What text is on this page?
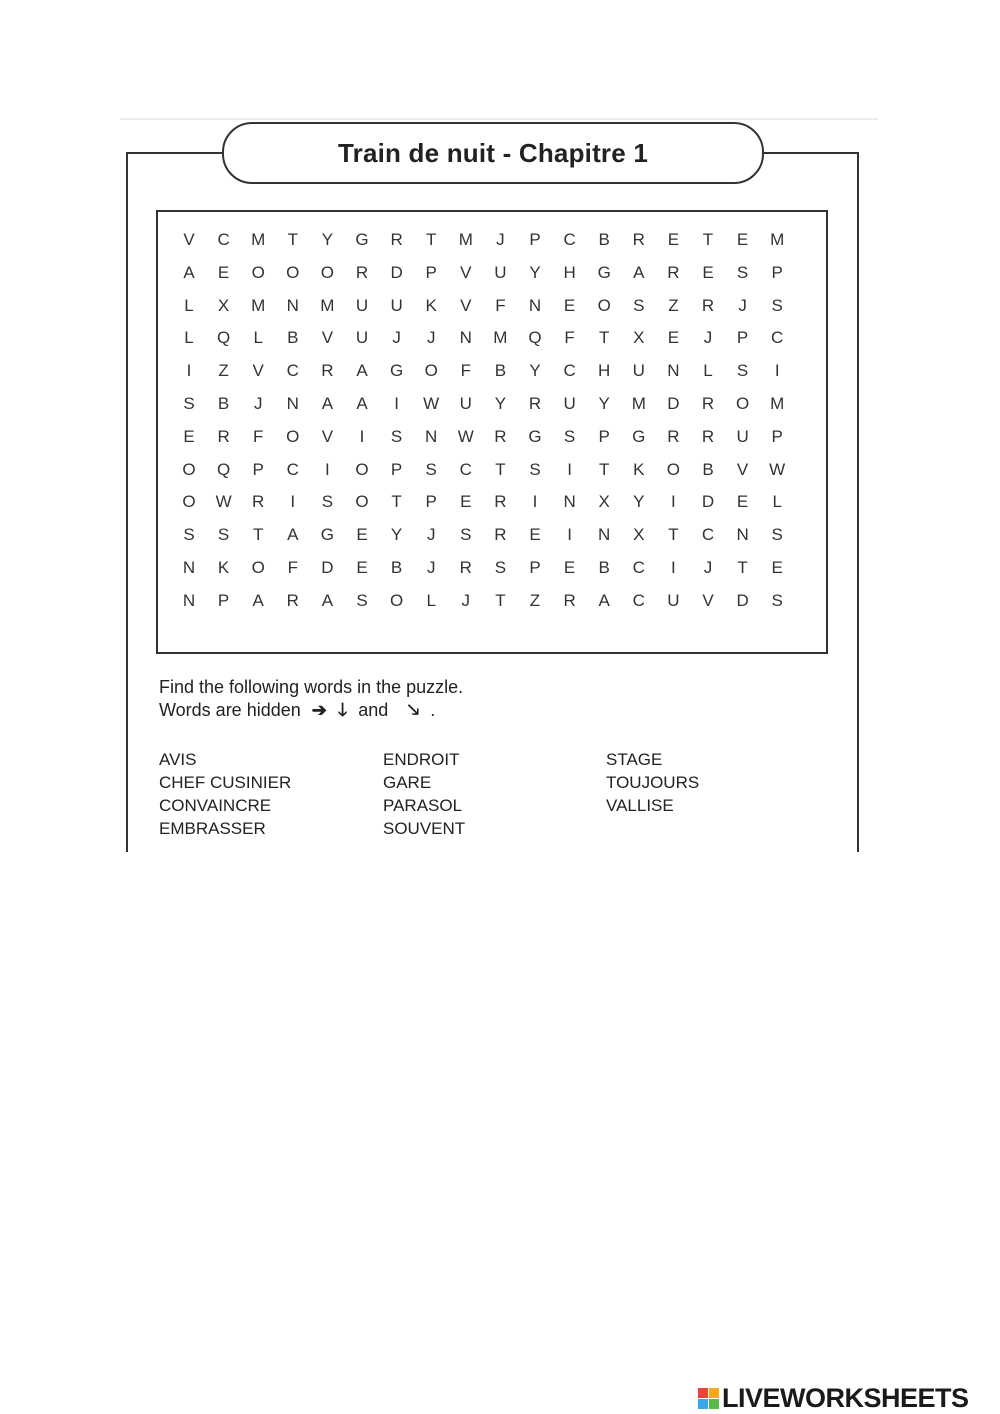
Train de nuit - Chapitre 1
V	C	M	T	Y	G	R	T	M	J	P	C	B	R	E	T	E	M
A	E	O	O	O	R	D	P	V	U	Y	H	G	A	R	E	S	P
L	X	M	N	M	U	U	K	V	F	N	E	O	S	Z	R	J	S
L	Q	L	B	V	U	J	J	N	M	Q	F	T	X	E	J	P	C
I	Z	V	C	R	A	G	O	F	B	Y	C	H	U	N	L	S	I
S	B	J	N	A	A	I	W	U	Y	R	U	Y	M	D	R	O	M
E	R	F	O	V	I	S	N	W	R	G	S	P	G	R	R	U	P
O	Q	P	C	I	O	P	S	C	T	S	I	T	K	O	B	V	W
O	W	R	I	S	O	T	P	E	R	I	N	X	Y	I	D	E	L
S	S	T	A	G	E	Y	J	S	R	E	I	N	X	T	C	N	S
N	K	O	F	D	E	B	J	R	S	P	E	B	C	I	J	T	E
N	P	A	R	A	S	O	L	J	T	Z	R	A	C	U	V	D	S
Find the following words in the puzzle.
Words are hidden ➔ 🡓 and 🡖 .
AVIS
CHEF CUSINIER
CONVAINCRE
EMBRASSER
ENDROIT
GARE
PARASOL
SOUVENT
STAGE
TOUJOURS
VALLISE
LIVEWORKSHEETS
